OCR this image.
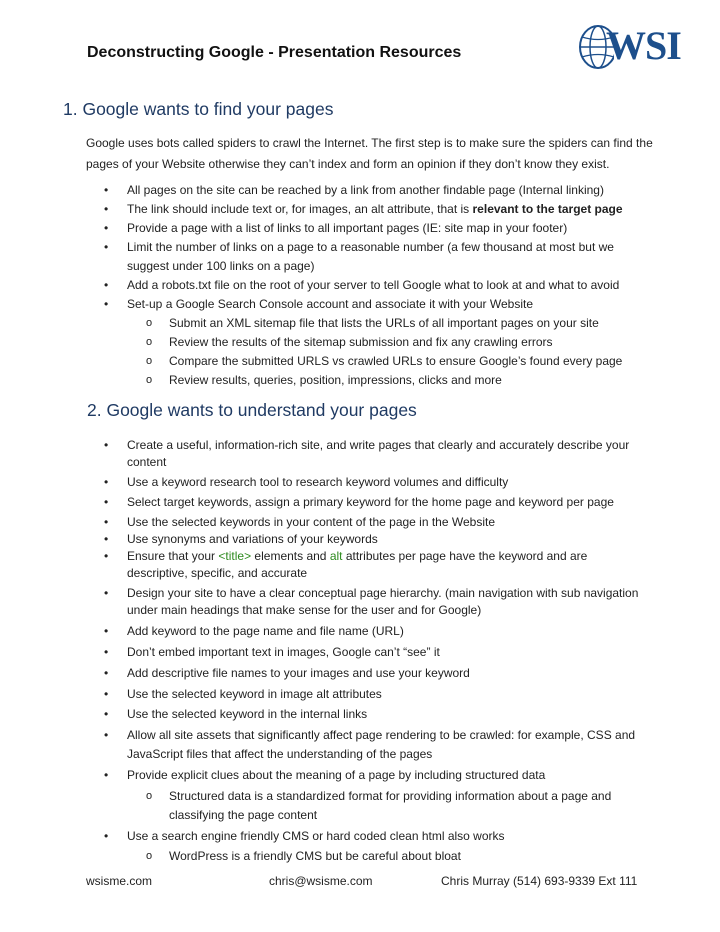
Deconstructing Google - Presentation Resources	WSI
1. Google wants to find your pages
Google uses bots called spiders to crawl the Internet. The first step is to make sure the spiders can find the pages of your Website otherwise they can’t index and form an opinion if they don’t know they exist.
• All pages on the site can be reached by a link from another findable page (Internal linking)
• The link should include text or, for images, an alt attribute, that is relevant to the target page
• Provide a page with a list of links to all important pages (IE: site map in your footer)
• Limit the number of links on a page to a reasonable number (a few thousand at most but we suggest under 100 links on a page)
• Add a robots.txt file on the root of your server to tell Google what to look at and what to avoid
• Set-up a Google Search Console account and associate it with your Website
o Submit an XML sitemap file that lists the URLs of all important pages on your site
o Review the results of the sitemap submission and fix any crawling errors
o Compare the submitted URLS vs crawled URLs to ensure Google’s found every page
o Review results, queries, position, impressions, clicks and more
2. Google wants to understand your pages
• Create a useful, information-rich site, and write pages that clearly and accurately describe your content
• Use a keyword research tool to research keyword volumes and difficulty
• Select target keywords, assign a primary keyword for the home page and keyword per page
• Use the selected keywords in your content of the page in the Website
• Use synonyms and variations of your keywords
• Ensure that your <title> elements and alt attributes per page have the keyword and are descriptive, specific, and accurate
• Design your site to have a clear conceptual page hierarchy. (main navigation with sub navigation under main headings that make sense for the user and for Google)
• Add keyword to the page name and file name (URL)
• Don’t embed important text in images, Google can’t “see” it
• Add descriptive file names to your images and use your keyword
• Use the selected keyword in image alt attributes
• Use the selected keyword in the internal links
• Allow all site assets that significantly affect page rendering to be crawled: for example, CSS and JavaScript files that affect the understanding of the pages
• Provide explicit clues about the meaning of a page by including structured data
o Structured data is a standardized format for providing information about a page and classifying the page content
• Use a search engine friendly CMS or hard coded clean html also works
o WordPress is a friendly CMS but be careful about bloat
wsisme.com	chris@wsisme.com	Chris Murray (514) 693-9339 Ext 111
